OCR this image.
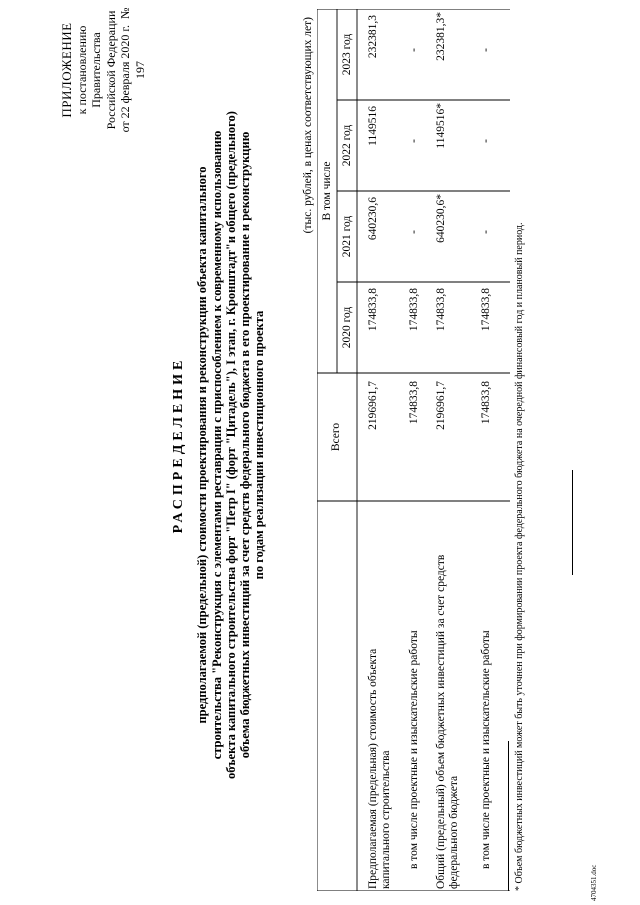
ПРИЛОЖЕНИЕ к постановлению Правительства Российской Федерации от 22 февраля 2020 г.  № 197
РАСПРЕДЕЛЕНИЕ
предполагаемой (предельной) стоимости проектирования и реконструкции объекта капитального
строительства "Реконструкция с элементами реставрации с приспособлением к современному использованию
объекта капитального строительства форт "Петр I" (форт "Цитадель"), I этап, г. Кронштадт"и общего (предельного)
объема бюджетных инвестиций за счет средств федерального бюджета в его проектирование и реконструкцию
по годам реализации инвестиционного проекта
(тыс. рублей, в ценах соответствующих лет)
Всего
В том числе
2020 год
2021 год
2022 год
2023 год
Предполагаемая (предельная) стоимость объекта капитального строительства
2196961,7
174833,8
640230,6
1149516
232381,3
в том числе проектные и изыскательские работы
174833,8
174833,8
-
-
-
Общий (предельный) объем бюджетных инвестиций за счет средств федерального бюджета
2196961,7
174833,8
640230,6*
1149516*
232381,3*
в том числе проектные и изыскательские работы
174833,8
174833,8
-
-
-
* Объем бюджетных инвестиций может быть уточнен при формировании проекта федерального бюджета на очередной финансовый год и плановый период.	4704351.doc
